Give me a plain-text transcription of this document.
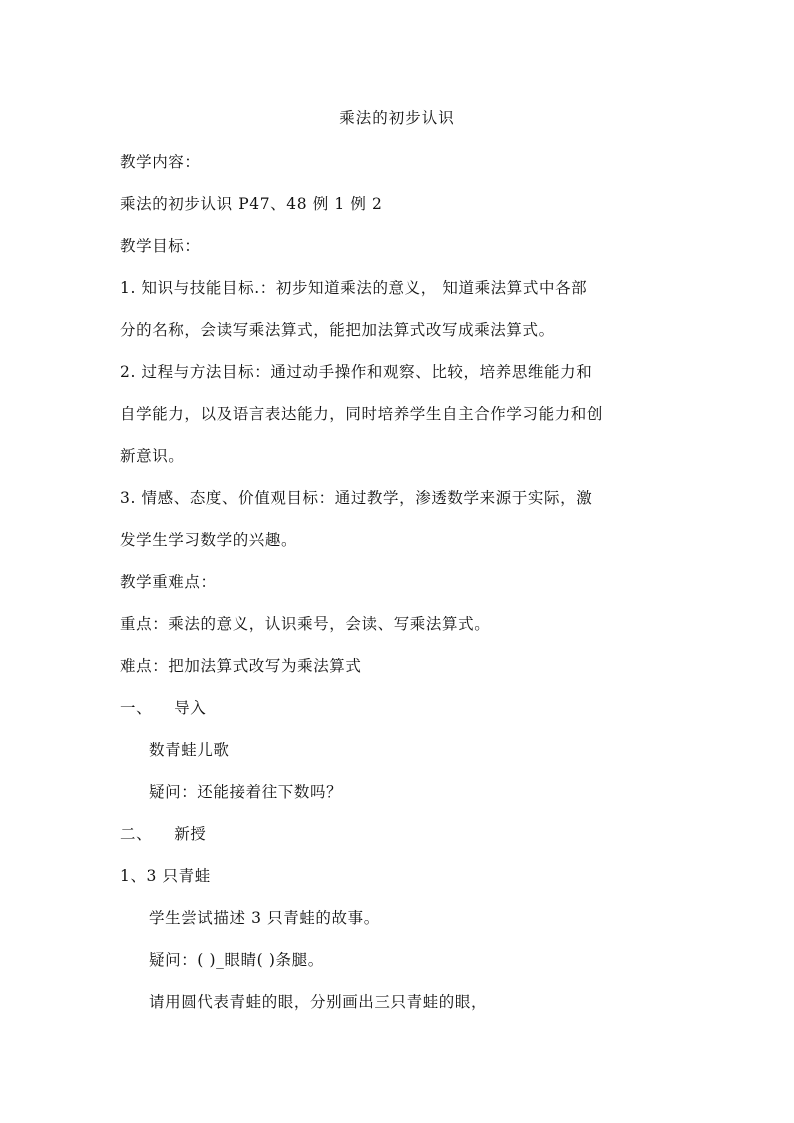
乘法的初步认识
教学内容：
乘法的初步认识 P47、48 例 1 例 2
教学目标：
1. 知识与技能目标.：初步知道乘法的意义， 知道乘法算式中各部
分的名称，会读写乘法算式，能把加法算式改写成乘法算式。
2. 过程与方法目标：通过动手操作和观察、比较，培养思维能力和
自学能力，以及语言表达能力，同时培养学生自主合作学习能力和创
新意识。
3. 情感、态度、价值观目标：通过教学，渗透数学来源于实际，激
发学生学习数学的兴趣。
教学重难点：
重点：乘法的意义，认识乘号，会读、写乘法算式。
难点：把加法算式改写为乘法算式
一、 导入
数青蛙儿歌
疑问：还能接着往下数吗？
二、 新授
1、3 只青蛙
学生尝试描述 3 只青蛙的故事。
疑问：( )_眼睛( )条腿。
请用圆代表青蛙的眼，分别画出三只青蛙的眼，
